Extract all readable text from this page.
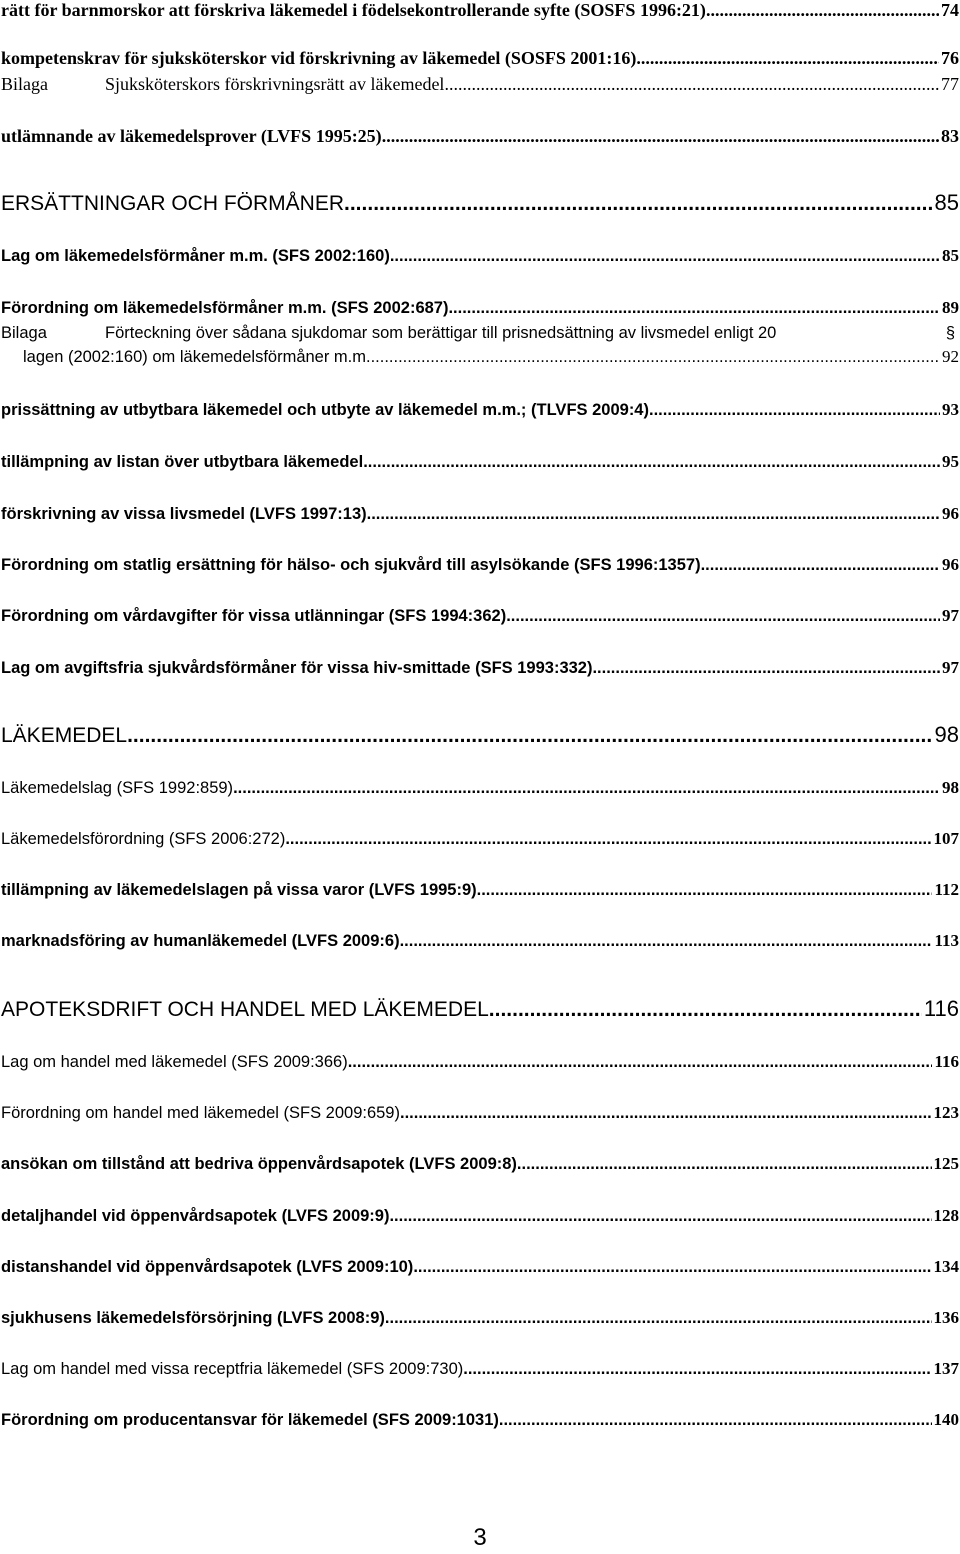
rätt för barnmorskor att förskriva läkemedel i födelsekontrollerande syfte (SOSFS 1996:21) .....	74
kompetenskrav för sjuksköterskor vid förskrivning av läkemedel (SOSFS 2001:16) .....	76
Bilaga	Sjuksköterskors förskrivningsrätt av läkemedel .....	77
utlämnande av läkemedelsprover (LVFS 1995:25) .....	83
ERSÄTTNINGAR OCH FÖRMÅNER .....	85
Lag om läkemedelsförmåner m.m. (SFS 2002:160) .....	85
Förordning om läkemedelsförmåner m.m. (SFS 2002:687) .....	89
Bilaga	Förteckning över sådana sjukdomar som berättigar till prisnedsättning av livsmedel enligt 20	§
lagen (2002:160) om läkemedelsförmåner m.m. .....	92
prissättning av utbytbara läkemedel och utbyte av läkemedel m.m.; (TLVFS 2009:4) .....	93
tillämpning av listan över utbytbara läkemedel. .....	95
förskrivning av vissa livsmedel (LVFS 1997:13) .....	96
Förordning om statlig ersättning för hälso- och sjukvård till asylsökande (SFS 1996:1357) .....	96
Förordning om vårdavgifter för vissa utlänningar (SFS 1994:362) .....	97
Lag om avgiftsfria sjukvårdsförmåner för vissa hiv-smittade (SFS 1993:332) .....	97
LÄKEMEDEL .....	98
Läkemedelslag (SFS 1992:859) .....	98
Läkemedelsförordning (SFS 2006:272) .....	107
tillämpning av läkemedelslagen på vissa varor (LVFS 1995:9) .....	112
marknadsföring av humanläkemedel (LVFS 2009:6) .....	113
APOTEKSDRIFT OCH HANDEL MED LÄKEMEDEL .....	116
Lag om handel med läkemedel (SFS 2009:366) .....	116
Förordning om handel med läkemedel (SFS 2009:659) .....	123
ansökan om tillstånd att bedriva öppenvårdsapotek (LVFS 2009:8) .....	125
detaljhandel vid öppenvårdsapotek (LVFS 2009:9) .....	128
distanshandel vid öppenvårdsapotek (LVFS 2009:10) .....	134
sjukhusens läkemedelsförsörjning (LVFS 2008:9) .....	136
Lag om handel med vissa receptfria läkemedel (SFS 2009:730) .....	137
Förordning om producentansvar för läkemedel (SFS 2009:1031) .....	140
3
